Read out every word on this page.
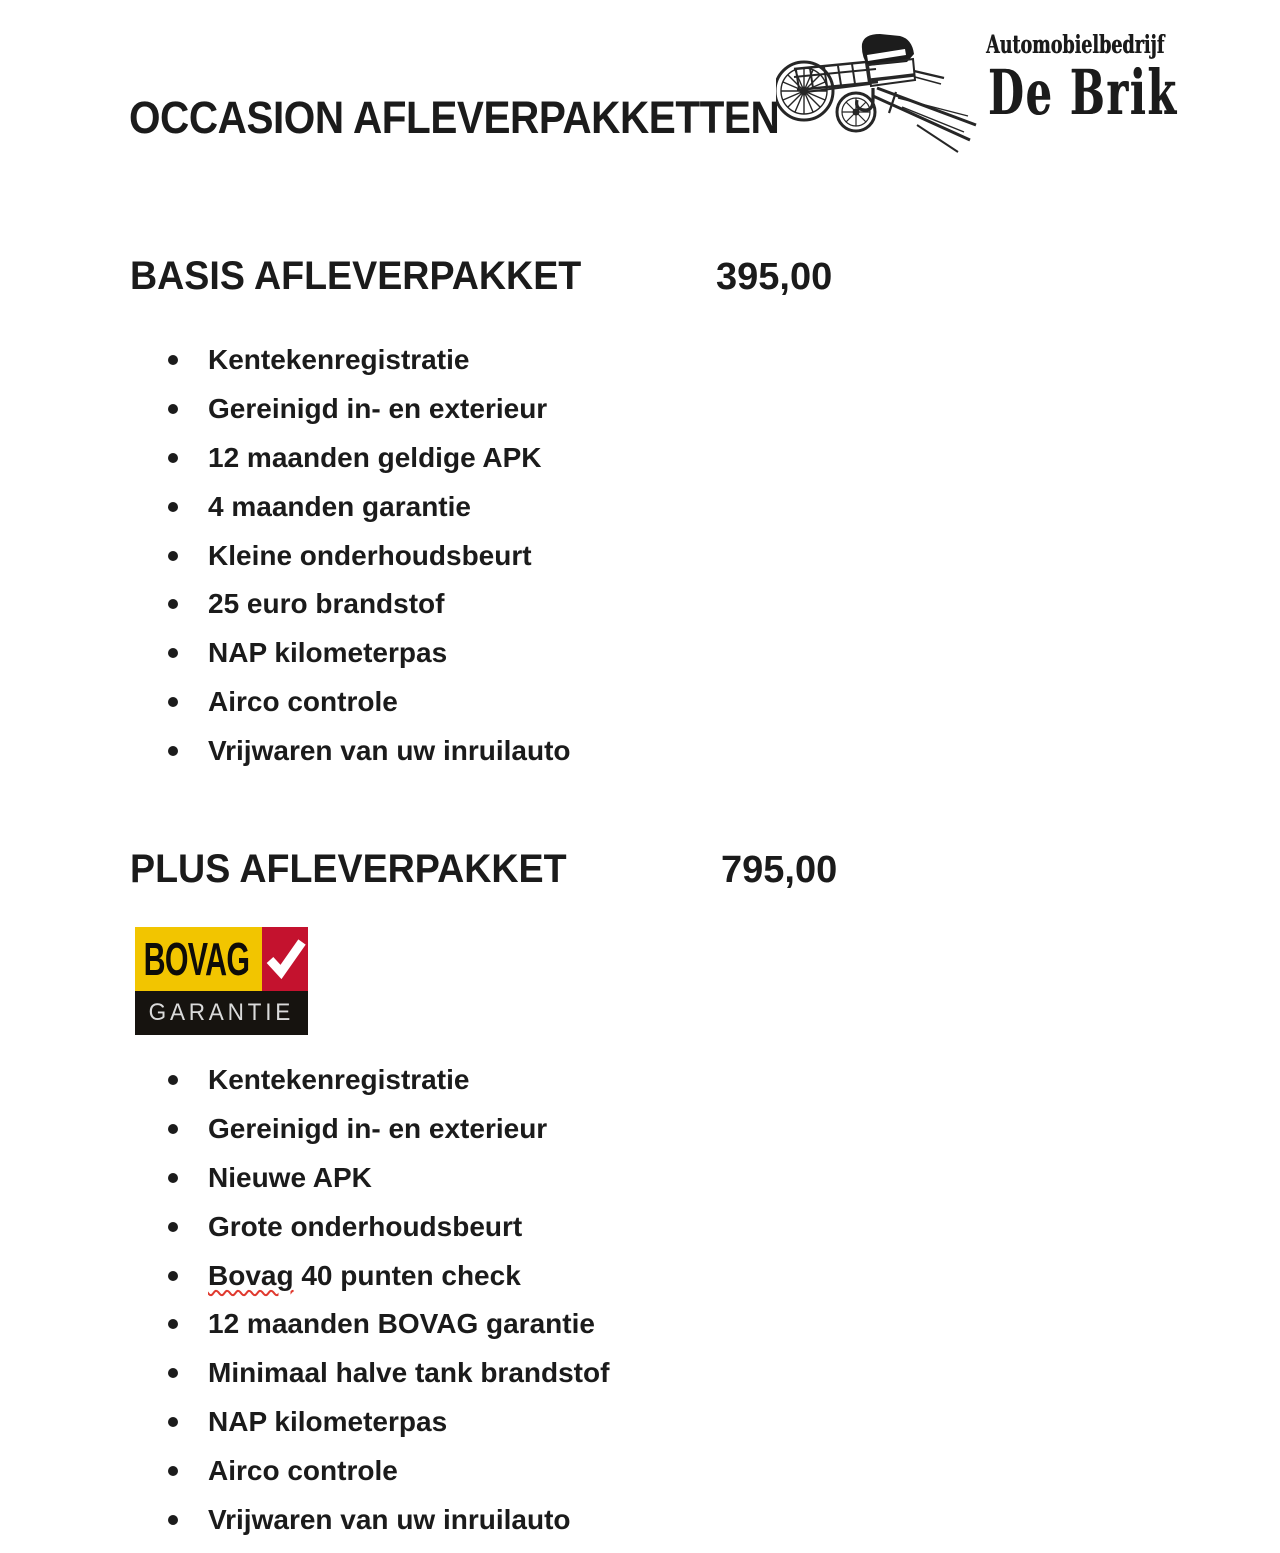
OCCASION AFLEVERPAKKETTEN
Automobielbedrijf
De Brik
BASIS AFLEVERPAKKET	395,00
Kentekenregistratie
Gereinigd in- en exterieur
12 maanden geldige APK
4 maanden garantie
Kleine onderhoudsbeurt
25 euro brandstof
NAP kilometerpas
Airco controle
Vrijwaren van uw inruilauto
PLUS AFLEVERPAKKET	795,00
BOVAG
GARANTIE
Kentekenregistratie
Gereinigd in- en exterieur
Nieuwe APK
Grote onderhoudsbeurt
Bovag 40 punten check
12 maanden BOVAG garantie
Minimaal halve tank brandstof
NAP kilometerpas
Airco controle
Vrijwaren van uw inruilauto
